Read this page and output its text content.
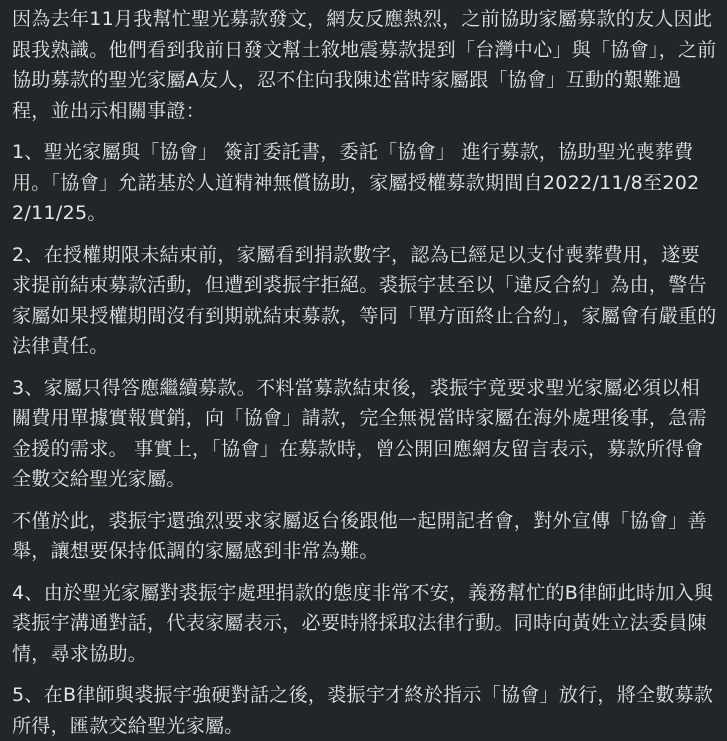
因為去年11月我幫忙聖光募款發文，網友反應熱烈，之前協助家屬募款的友人因此跟我熟識。他們看到我前日發文幫土敘地震募款提到「台灣中心」與「協會」，之前協助募款的聖光家屬A友人，忍不住向我陳述當時家屬跟「協會」互動的艱難過程，並出示相關事證：

1、聖光家屬與「協會」 簽訂委託書，委託「協會」 進行募款，協助聖光喪葬費用。「協會」允諾基於人道精神無償協助，家屬授權募款期間自2022/11/8至2022/11/25。

2、在授權期限未結束前，家屬看到捐款數字，認為已經足以支付喪葬費用，遂要求提前結束募款活動，但遭到裘振宇拒絕。裘振宇甚至以「違反合約」為由，警告家屬如果授權期間沒有到期就結束募款，等同「單方面終止合約」，家屬會有嚴重的法律責任。

3、家屬只得答應繼續募款。不料當募款結束後，裘振宇竟要求聖光家屬必須以相關費用單據實報實銷，向「協會」請款，完全無視當時家屬在海外處理後事，急需金援的需求。 事實上，「協會」在募款時，曾公開回應網友留言表示，募款所得會全數交給聖光家屬。

不僅於此，裘振宇還強烈要求家屬返台後跟他一起開記者會，對外宣傳「協會」善舉，讓想要保持低調的家屬感到非常為難。

4、由於聖光家屬對裘振宇處理捐款的態度非常不安，義務幫忙的B律師此時加入與裘振宇溝通對話，代表家屬表示，必要時將採取法律行動。同時向黃姓立法委員陳情，尋求協助。

5、在B律師與裘振宇強硬對話之後，裘振宇才終於指示「協會」放行，將全數募款所得，匯款交給聖光家屬。
